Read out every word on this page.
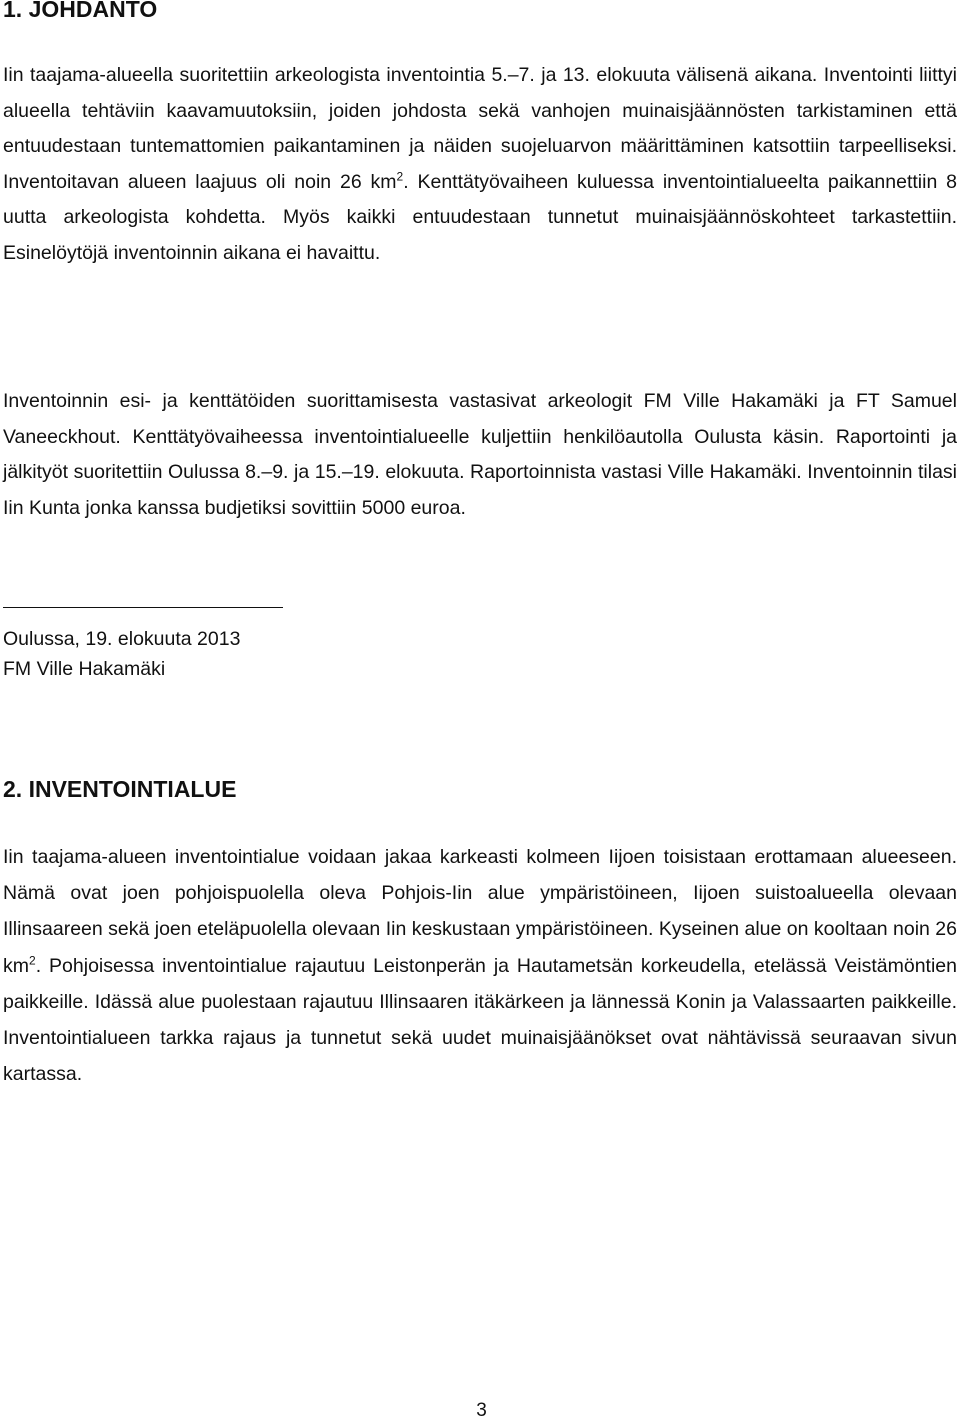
1. JOHDANTO
Iin taajama-alueella suoritettiin arkeologista inventointia 5.–7. ja 13. elokuuta välisenä aikana. Inventointi liittyi alueella tehtäviin kaavamuutoksiin, joiden johdosta sekä vanhojen muinaisjäännösten tarkistaminen että entuudestaan tuntemattomien paikantaminen ja näiden suojeluarvon määrittäminen katsottiin tarpeelliseksi. Inventoitavan alueen laajuus oli noin 26 $km^2$. Kenttätyövaiheen kuluessa inventointialueelta paikannettiin 8 uutta arkeologista kohdetta. Myös kaikki entuudestaan tunnetut muinaisjäännöskohteet tarkastettiin. Esinelöytöjä inventoinnin aikana ei havaittu.

Inventoinnin esi- ja kenttätöiden suorittamisesta vastasivat arkeologit FM Ville Hakamäki ja FT Samuel Vaneeckhout. Kenttätyövaiheessa inventointialueelle kuljettiin henkilöautolla Oulusta käsin. Raportointi ja jälkityöt suoritettiin Oulussa 8.–9. ja 15.–19. elokuuta. Raportoinnista vastasi Ville Hakamäki. Inventoinnin tilasi Iin Kunta jonka kanssa budjetiksi sovittiin 5000 euroa.

Oulussa, 19. elokuuta 2013
FM Ville Hakamäki
2. INVENTOINTIALUE
Iin taajama-alueen inventointialue voidaan jakaa karkeasti kolmeen Iijoen toisistaan erottamaan alueeseen. Nämä ovat joen pohjoispuolella oleva Pohjois-Iin alue ympäristöineen, Iijoen suistoalueella olevaan Illinsaareen sekä joen eteläpuolella olevaan Iin keskustaan ympäristöineen. Kyseinen alue on kooltaan noin 26 $km^2$. Pohjoisessa inventointialue rajautuu Leistonperän ja Hautametsän korkeudella, etelässä Veistämöntien paikkeille. Idässä alue puolestaan rajautuu Illinsaaren itäkärkeen ja lännessä Konin ja Valassaarten paikkeille. Inventointialueen tarkka rajaus ja tunnetut sekä uudet muinaisjäänökset ovat nähtävissä seuraavan sivun kartassa.
3
